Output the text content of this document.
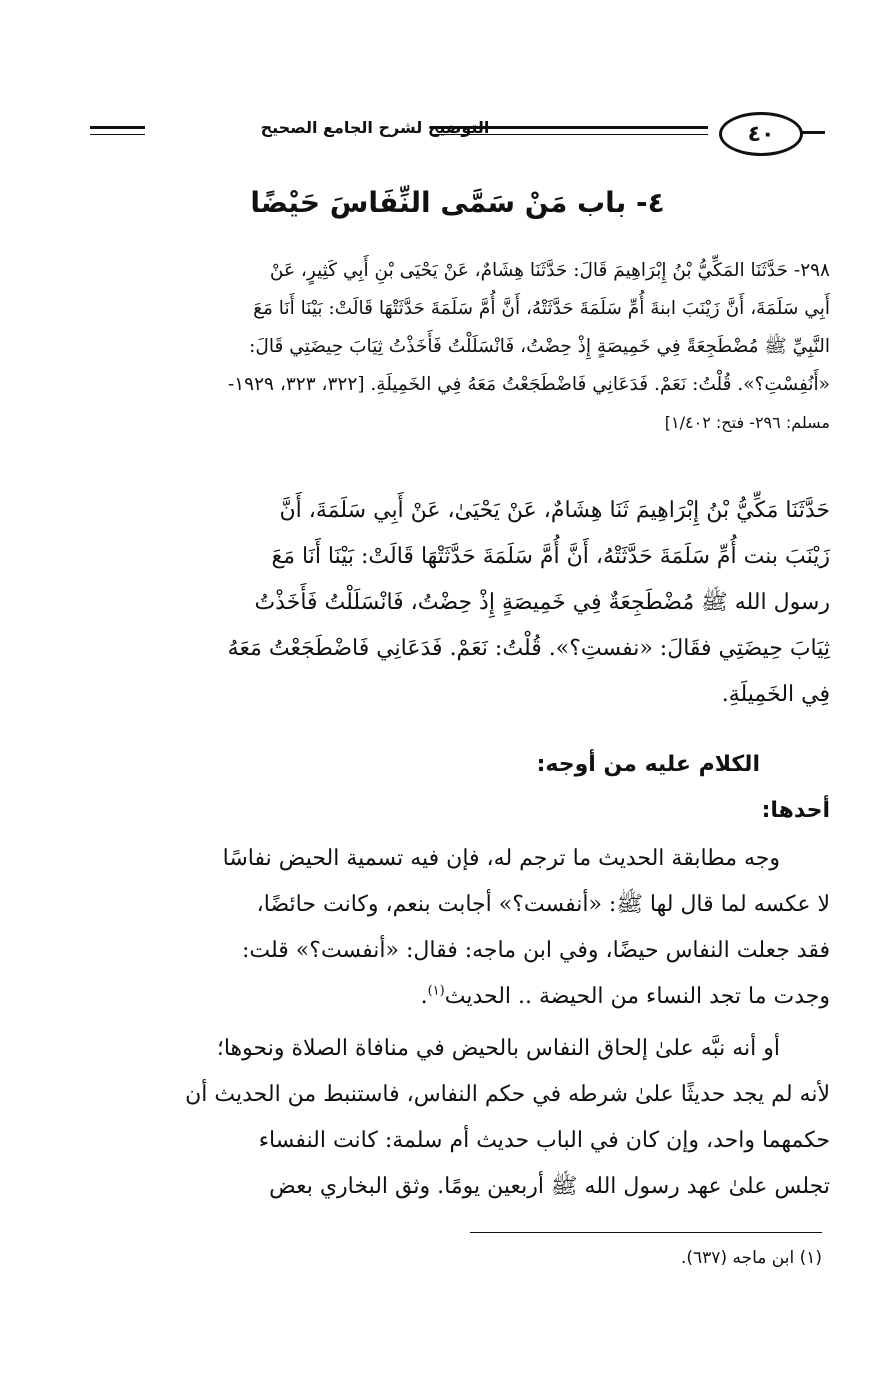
التوضيح لشرح الجامع الصحيح	٤٠
٤- باب مَنْ سَمَّى النِّفَاسَ حَيْضًا
٢٩٨- حَدَّثَنَا المَكِّيُّ بْنُ إِبْرَاهِيمَ قَالَ: حَدَّثَنَا هِشَامٌ، عَنْ يَحْيَى بْنِ أَبِي كَثِيرٍ، عَنْ
أَبِي سَلَمَةَ، أَنَّ زَيْنَبَ ابنةَ أُمِّ سَلَمَةَ حَدَّثَتْهُ، أَنَّ أُمَّ سَلَمَةَ حَدَّثَتْهَا قَالَتْ: بَيْنَا أَنَا مَعَ
النَّبِيِّ ﷺ مُضْطَجِعَةً فِي خَمِيصَةٍ إِذْ حِضْتُ، فَانْسَلَلْتُ فَأَخَذْتُ ثِيَابَ حِيضَتِي قَالَ:
«أَنُفِسْتِ؟». قُلْتُ: نَعَمْ. فَدَعَانِي فَاضْطَجَعْتُ مَعَهُ فِي الخَمِيلَةِ. [٣٢٢، ٣٢٣، ١٩٢٩-
مسلم: ٢٩٦- فتح: ١/٤٠٢]
حَدَّثَنَا مَكِّيُّ بْنُ إِبْرَاهِيمَ ثَنَا هِشَامٌ، عَنْ يَحْيَىٰ، عَنْ أَبِي سَلَمَةَ، أَنَّ
زَيْنَبَ بنت أُمِّ سَلَمَةَ حَدَّثَتْهُ، أَنَّ أُمَّ سَلَمَةَ حَدَّثَتْهَا قَالَتْ: بَيْنَا أَنَا مَعَ
رسول الله ﷺ مُضْطَجِعَةٌ فِي خَمِيصَةٍ إِذْ حِضْتُ، فَانْسَلَلْتُ فَأَخَذْتُ
ثِيَابَ حِيضَتِي فقَالَ: «نفستِ؟». قُلْتُ: نَعَمْ. فَدَعَانِي فَاضْطَجَعْتُ مَعَهُ
فِي الخَمِيلَةِ.
الكلام عليه من أوجه:
أحدها:
وجه مطابقة الحديث ما ترجم له، فإن فيه تسمية الحيض نفاسًا
لا عكسه لما قال لها ﷺ: «أنفست؟» أجابت بنعم، وكانت حائضًا،
فقد جعلت النفاس حيضًا، وفي ابن ماجه: فقال: «أنفست؟» قلت:
وجدت ما تجد النساء من الحيضة .. الحديث$^{(١)}$.
أو أنه نبَّه علىٰ إلحاق النفاس بالحيض في منافاة الصلاة ونحوها؛
لأنه لم يجد حديثًا علىٰ شرطه في حكم النفاس، فاستنبط من الحديث أن
حكمهما واحد، وإن كان في الباب حديث أم سلمة: كانت النفساء
تجلس علىٰ عهد رسول الله ﷺ أربعين يومًا. وثق البخاري بعض
(١) ابن ماجه (٦٣٧).
